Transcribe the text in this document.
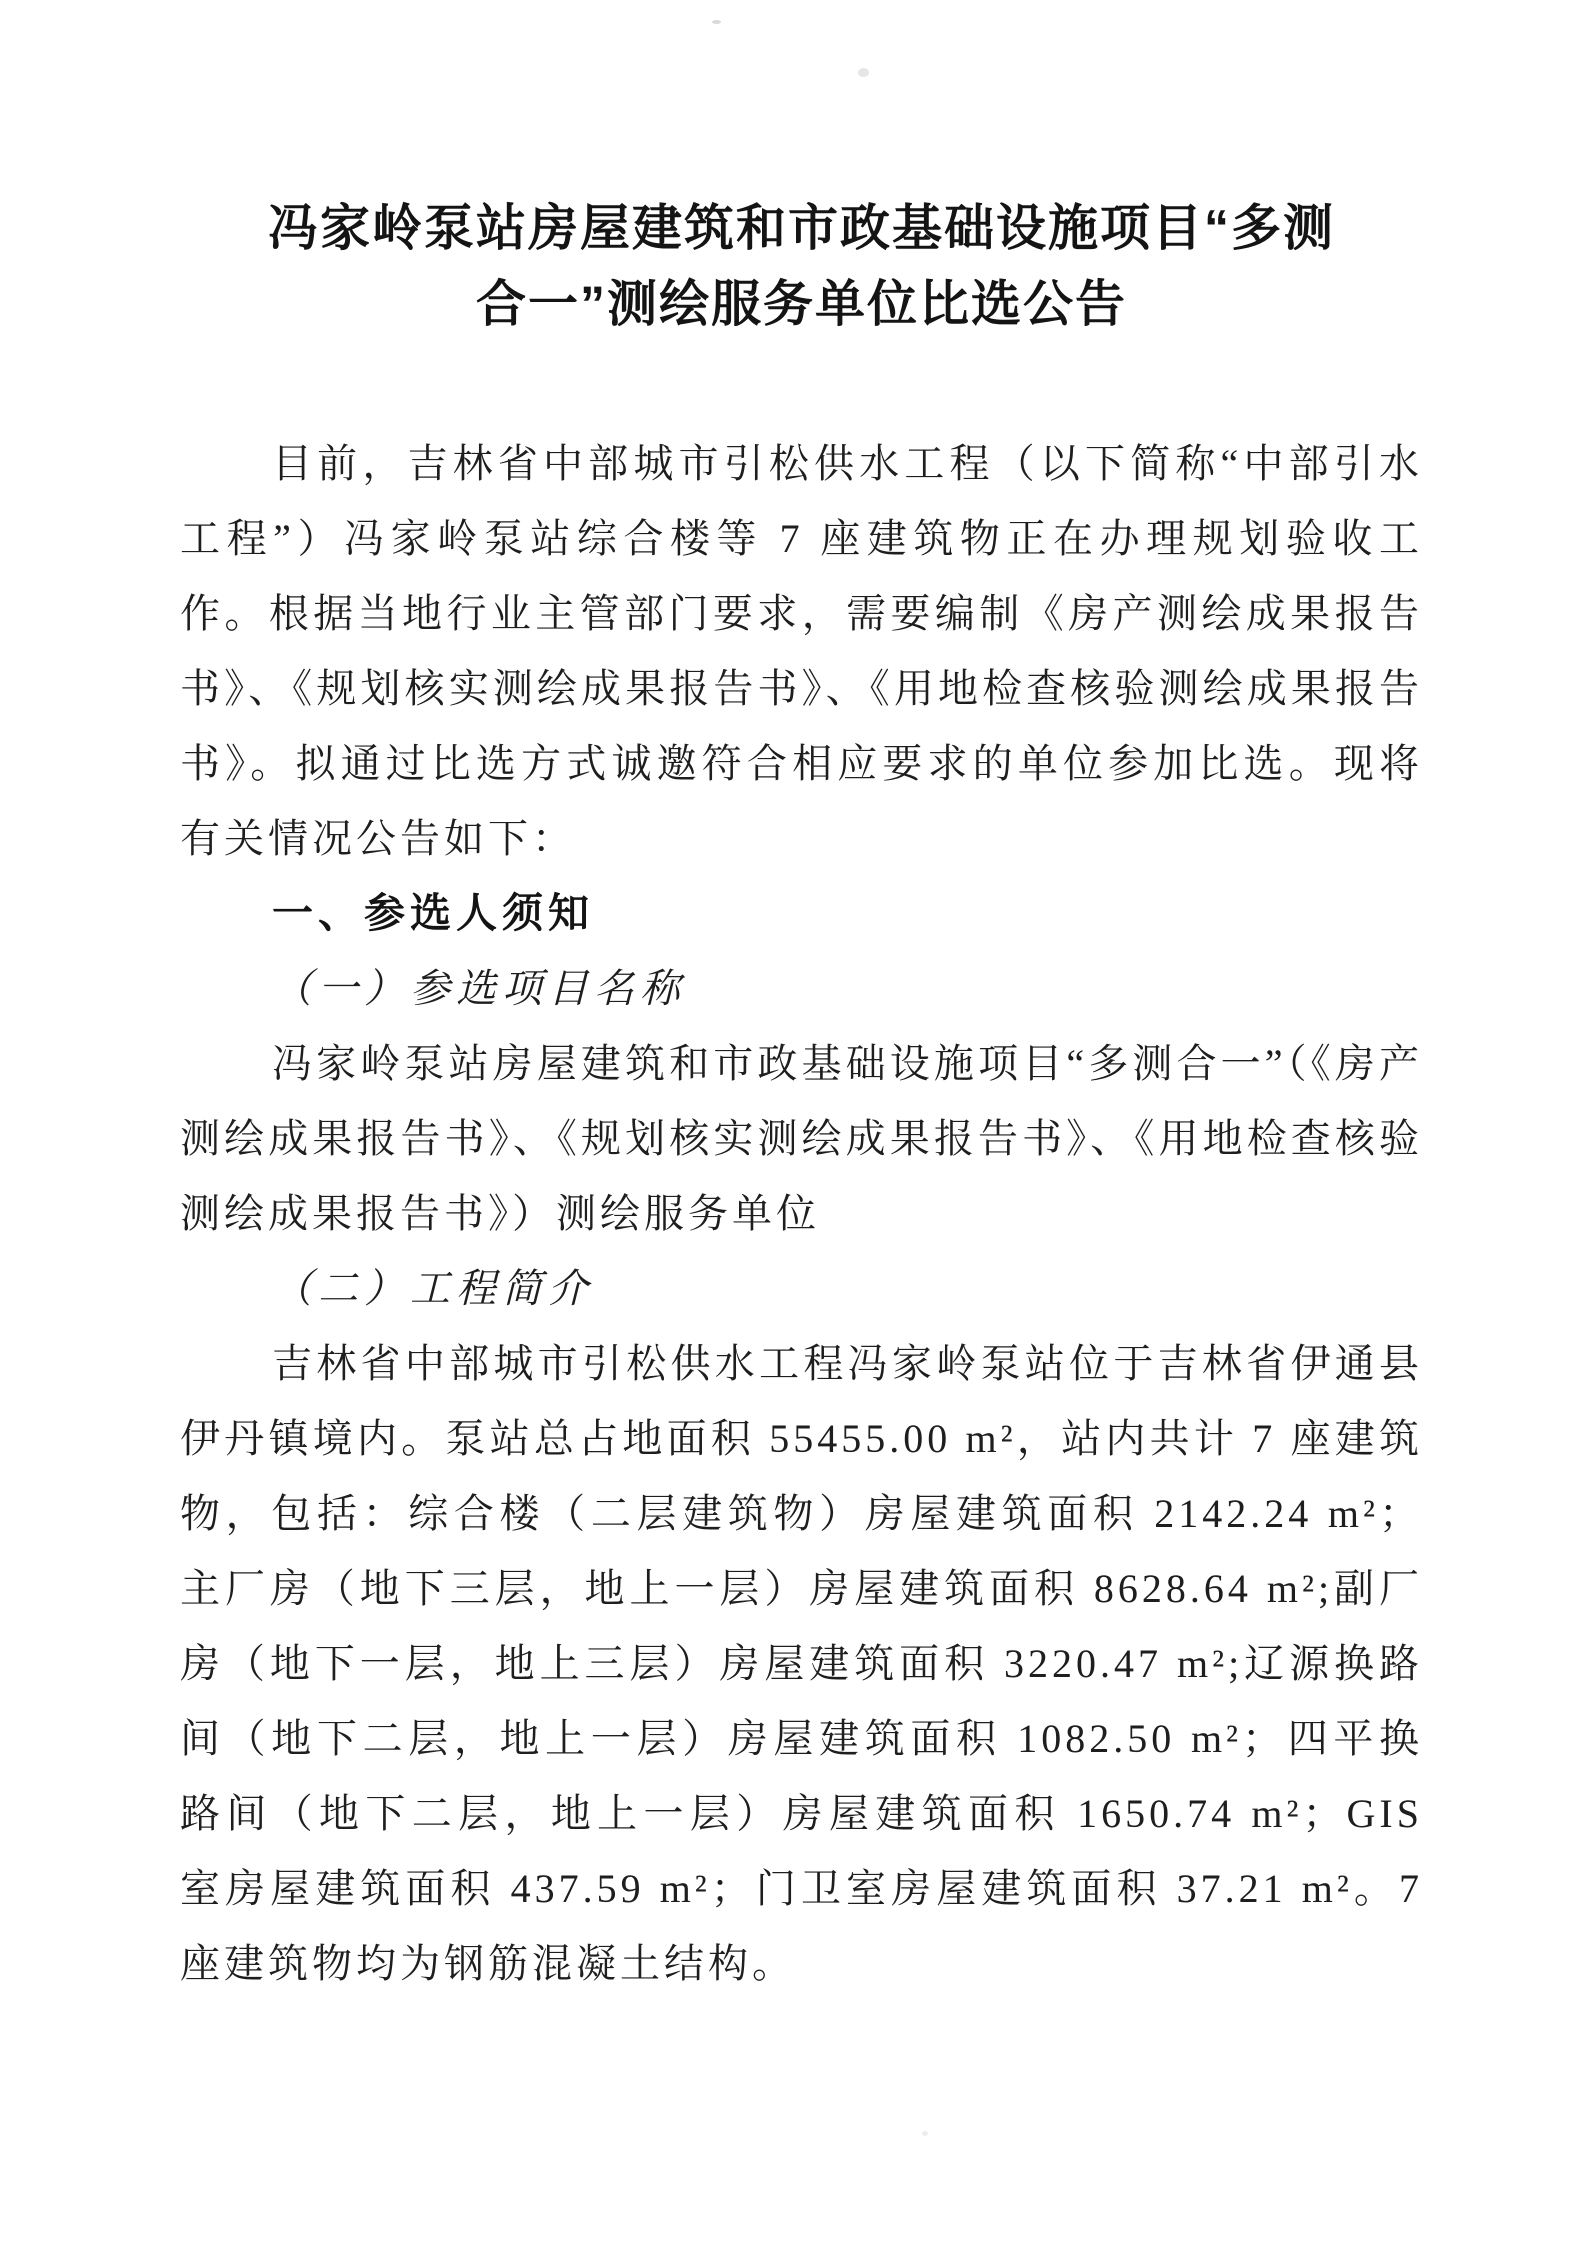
冯家岭泵站房屋建筑和市政基础设施项目“多测
合一”测绘服务单位比选公告

目前，吉林省中部城市引松供水工程（以下简称“中部引水工程”）冯家岭泵站综合楼等 7 座建筑物正在办理规划验收工作。根据当地行业主管部门要求，需要编制《房产测绘成果报告书》、《规划核实测绘成果报告书》、《用地检查核验测绘成果报告书》。拟通过比选方式诚邀符合相应要求的单位参加比选。现将有关情况公告如下：

一、参选人须知

（一）参选项目名称

冯家岭泵站房屋建筑和市政基础设施项目“多测合一”（《房产测绘成果报告书》、《规划核实测绘成果报告书》、《用地检查核验测绘成果报告书》）测绘服务单位

（二）工程简介

吉林省中部城市引松供水工程冯家岭泵站位于吉林省伊通县伊丹镇境内。泵站总占地面积 55455.00 m²，站内共计 7 座建筑物，包括：综合楼（二层建筑物）房屋建筑面积 2142.24 m²；主厂房（地下三层，地上一层）房屋建筑面积 8628.64 m²;副厂房（地下一层，地上三层）房屋建筑面积 3220.47 m²;辽源换路间（地下二层，地上一层）房屋建筑面积 1082.50 m²；四平换路间（地下二层，地上一层）房屋建筑面积 1650.74 m²；GIS 室房屋建筑面积 437.59 m²；门卫室房屋建筑面积 37.21 m²。7 座建筑物均为钢筋混凝土结构。
